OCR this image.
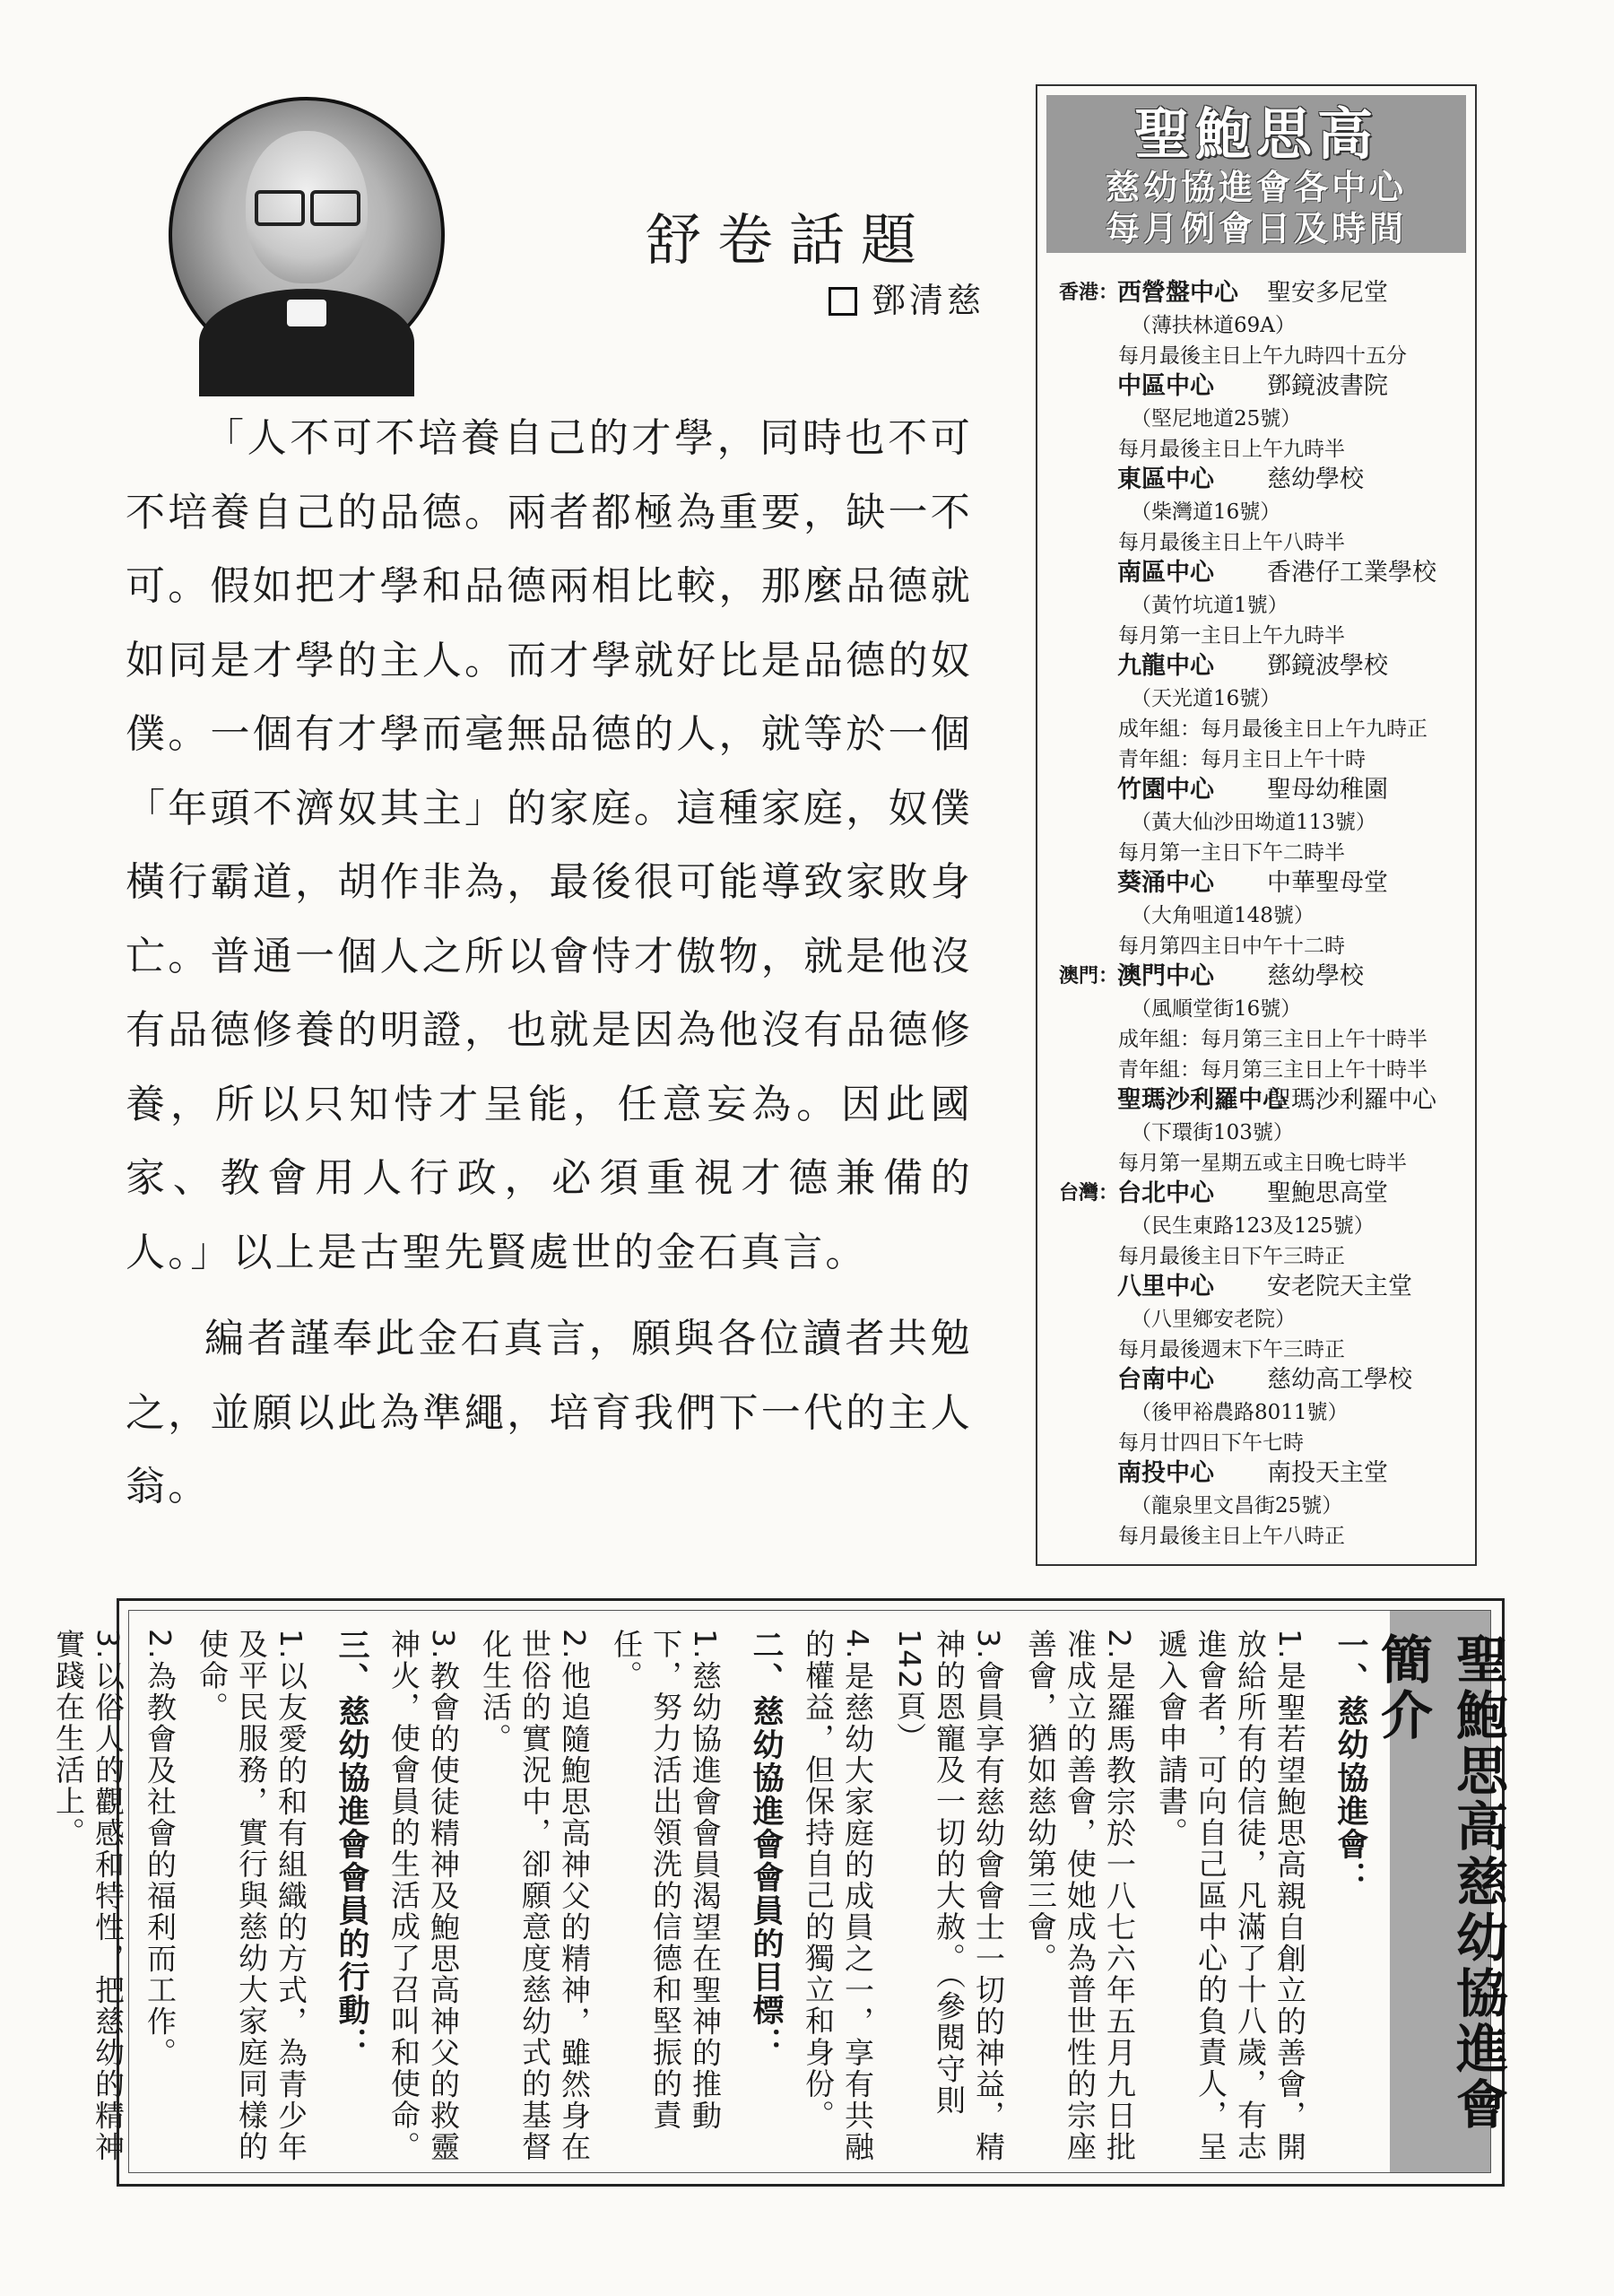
舒卷話題
鄧清慈

「人不可不培養自己的才學，同時也不可不培養自己的品德。兩者都極為重要，缺一不可。假如把才學和品德兩相比較，那麼品德就如同是才學的主人。而才學就好比是品德的奴僕。一個有才學而毫無品德的人，就等於一個「年頭不濟奴其主」的家庭。這種家庭，奴僕橫行霸道，胡作非為，最後很可能導致家敗身亡。普通一個人之所以會恃才傲物，就是他沒有品德修養的明證，也就是因為他沒有品德修養，所以只知恃才呈能，任意妄為。因此國家、教會用人行政，必須重視才德兼備的人。」以上是古聖先賢處世的金石真言。

編者謹奉此金石真言，願與各位讀者共勉之，並願以此為準繩，培育我們下一代的主人翁。

聖鮑思高
慈幼協進會各中心
每月例會日及時間
香港：
西營盤中心 聖安多尼堂
（薄扶林道69A）
每月最後主日上午九時四十五分
中區中心 鄧鏡波書院
（堅尼地道25號）
每月最後主日上午九時半
東區中心 慈幼學校
（柴灣道16號）
每月最後主日上午八時半
南區中心 香港仔工業學校
（黃竹坑道1號）
每月第一主日上午九時半
九龍中心 鄧鏡波學校
（天光道16號）
成年組：每月最後主日上午九時正
青年組：每月主日上午十時
竹園中心 聖母幼稚園
（黃大仙沙田坳道113號）
每月第一主日下午二時半
葵涌中心 中華聖母堂
（大角咀道148號）
每月第四主日中午十二時
澳門：
澳門中心 慈幼學校
（風順堂街16號）
成年組：每月第三主日上午十時半
青年組：每月第三主日上午十時半
聖瑪沙利羅中心
聖瑪沙利羅中心
（下環街103號）
每月第一星期五或主日晚七時半
台灣：
台北中心 聖鮑思高堂
（民生東路123及125號）
每月最後主日下午三時正
八里中心 安老院天主堂
（八里鄉安老院）
每月最後週末下午三時正
台南中心 慈幼高工學校
（後甲裕農路8011號）
每月廿四日下午七時
南投中心 南投天主堂
（龍泉里文昌街25號）
每月最後主日上午八時正
聖鮑思高慈幼協進會簡介
一、慈幼協進會：
1.是聖若望鮑思高親自創立的善會，開放給所有的信徒，凡滿了十八歲，有志進會者，可向自己區中心的負責人，呈遞入會申請書。
2.是羅馬教宗於一八七六年五月九日批准成立的善會，使她成為普世性的宗座善會，猶如慈幼第三會。
3.會員享有慈幼會會士一切的神益，精神的恩寵及一切的大赦。（參閱守則142頁）
4.是慈幼大家庭的成員之一，享有共融的權益，但保持自己的獨立和身份。
二、慈幼協進會會員的目標：
1.慈幼協進會會員渴望在聖神的推動下，努力活出領洗的信德和堅振的責任。
2.他追隨鮑思高神父的精神，雖然身在世俗的實況中，卻願意度慈幼式的基督化生活。
3.教會的使徒精神及鮑思高神父的救靈神火，使會員的生活成了召叫和使命。
三、慈幼協進會會員的行動：
1.以友愛的和有組織的方式，為青少年及平民服務，實行與慈幼大家庭同樣的使命。
2.為教會及社會的福利而工作。
3.以俗人的觀感和特性，把慈幼的精神實踐在生活上。
